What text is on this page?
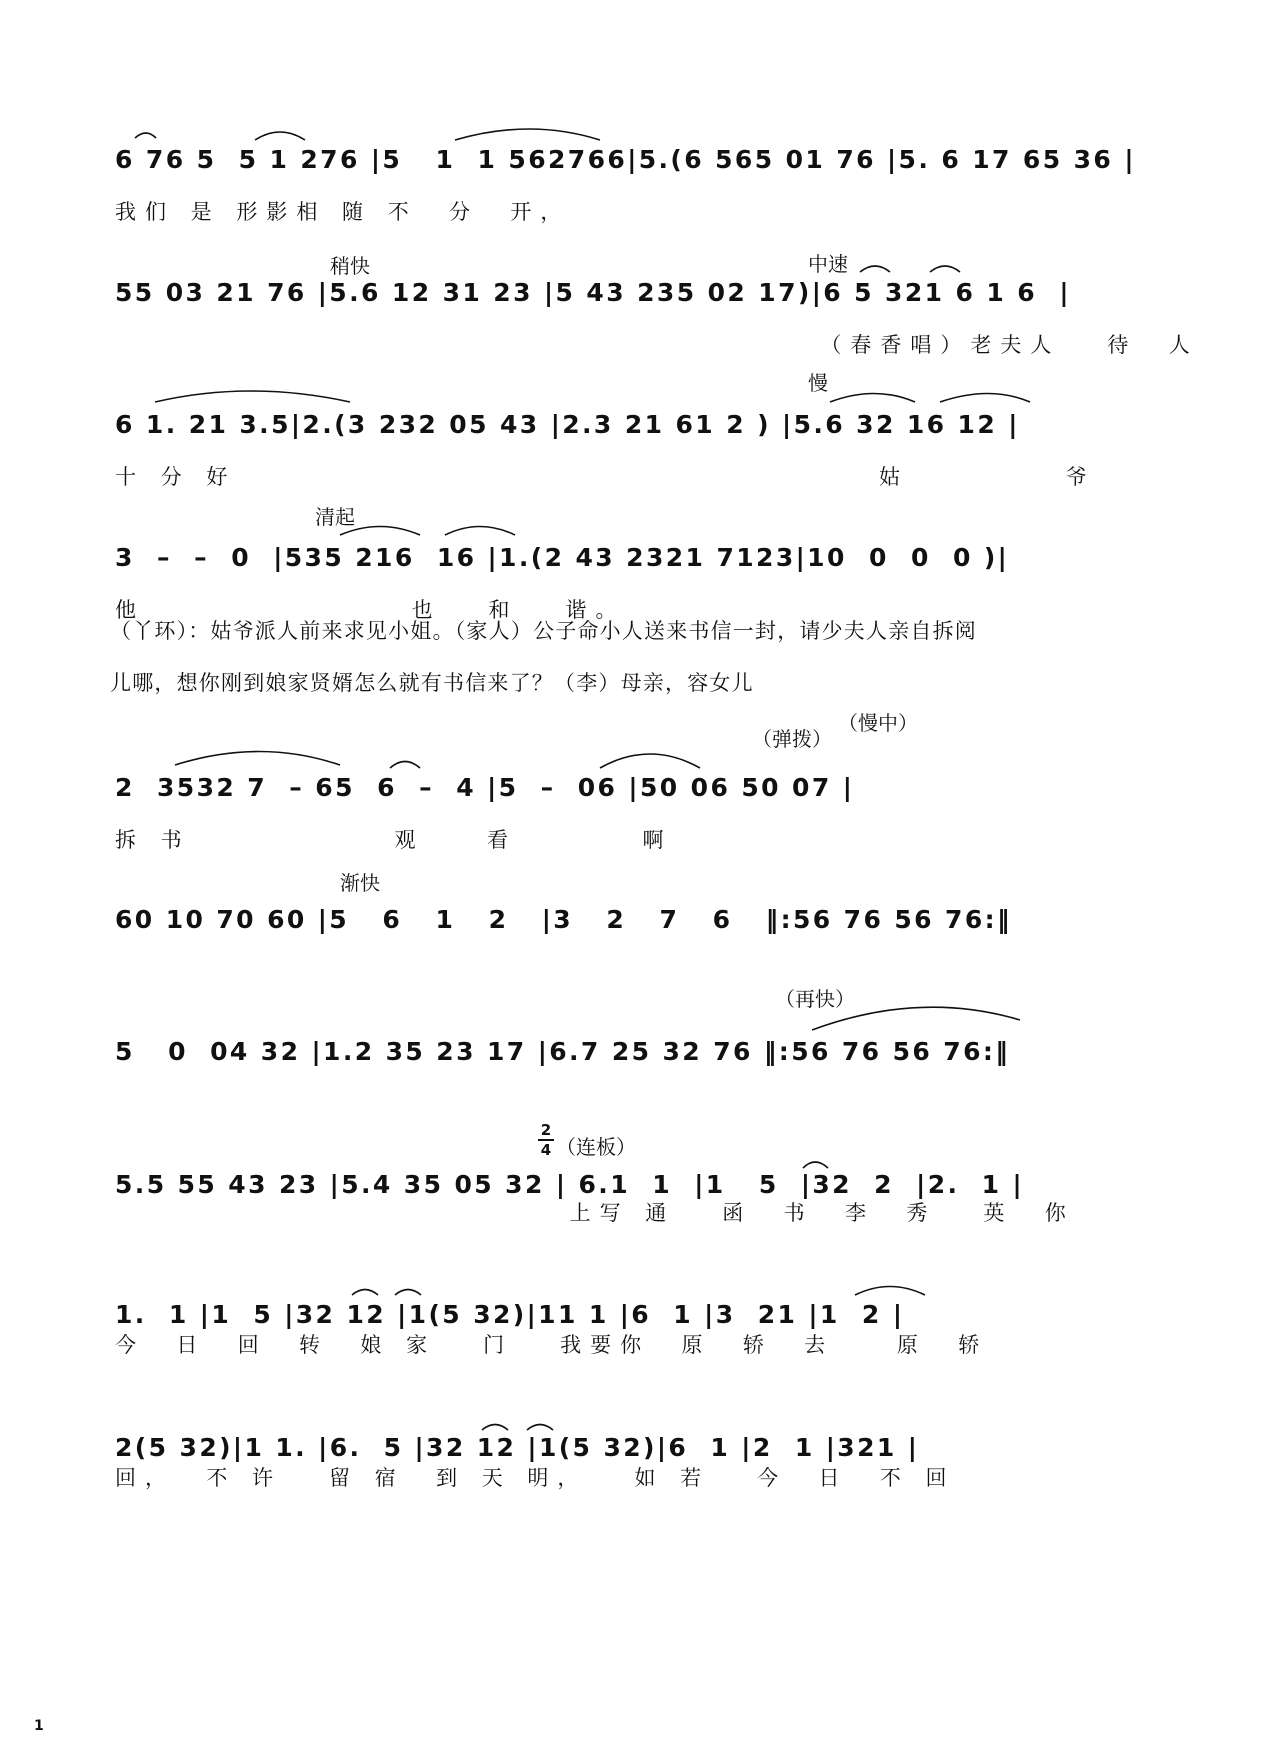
6 76 5  5 1 276 |5   1  1 562766|5.(6 565 01 76 |5. 6 17 65 36 |
我们 是 形影相 随 不  分  开，
稍快	中速
55 03 21 76 |5.6 12 31 23 |5 43 235 02 17)|6 5 321 6 1 6  |
（春香唱）老夫人   待  人
慢
6 1. 21 3.5|2.(3 232 05 43 |2.3 21 61 2 ) |5.6 32 16 12 |
十 分 好                                         姑          爷
清起
3  –  –  0  |535 216  16 |1.(2 43 2321 7123|10  0  0  0 )|
他                 也   和   谐。
（丫环）：姑爷派人前来求见小姐。（家人）公子命小人送来书信一封，请少夫人亲自拆阅
儿哪，想你刚到娘家贤婿怎么就有书信来了？（李）母亲，容女儿
（弹拨）
（慢中）
2  3532 7  – 65  6  –  4 |5  –  06 |50 06 50 07 |
拆 书             观    看        啊
渐快
60 10 70 60 |5   6   1   2   |3   2   7   6   ‖:56 76 56 76:‖
（再快）
5   0  04 32 |1.2 35 23 17 |6.7 25 32 76 ‖:56 76 56 76:‖
2
4 （连板）
5.5 55 43 23 |5.4 35 05 32 | 6.1  1  |1   5  |32  2  |2.  1 |
上写 通   函  书  李  秀   英  你
1.  1 |1  5 |32 12 |1(5 32)|11 1 |6  1 |3  21 |1  2 |
今  日  回  转  娘 家   门   我要你  原  轿  去    原  轿
2(5 32)|1 1. |6.  5 |32 12 |1(5 32)|6  1 |2  1 |321 |
回，  不 许   留 宿  到 天 明，   如 若   今  日  不 回
1
